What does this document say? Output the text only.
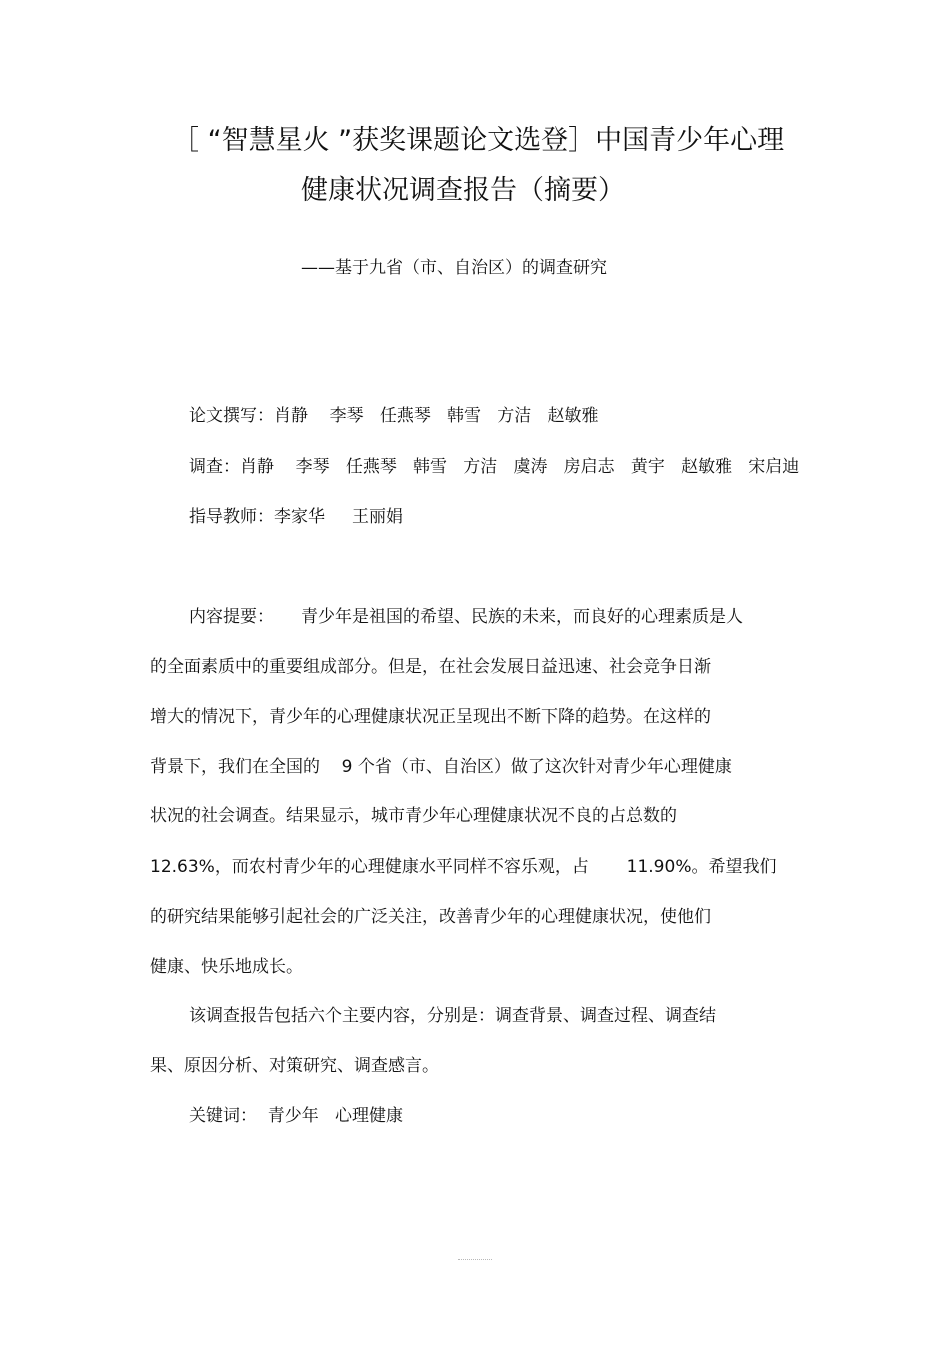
［ “智慧星火 ”获奖课题论文选登］中国青少年心理
健康状况调查报告（摘要）
——基于九省（市、自治区）的调查研究
论文撰写：肖静    李琴   任燕琴   韩雪   方洁   赵敏雅
调查：肖静    李琴   任燕琴   韩雪   方洁   虞涛   房启志   黄宇   赵敏雅   宋启迪
指导教师：李家华     王丽娟
内容提要：     青少年是祖国的希望、民族的未来，而良好的心理素质是人
的全面素质中的重要组成部分。但是，在社会发展日益迅速、社会竞争日渐
增大的情况下，青少年的心理健康状况正呈现出不断下降的趋势。在这样的
背景下，我们在全国的    9 个省（市、自治区）做了这次针对青少年心理健康
状况的社会调查。结果显示，城市青少年心理健康状况不良的占总数的
12.63%，而农村青少年的心理健康水平同样不容乐观，占       11.90%。希望我们
的研究结果能够引起社会的广泛关注，改善青少年的心理健康状况，使他们
健康、快乐地成长。
该调查报告包括六个主要内容，分别是：调查背景、调查过程、调查结
果、原因分析、对策研究、调查感言。
关键词：  青少年   心理健康
